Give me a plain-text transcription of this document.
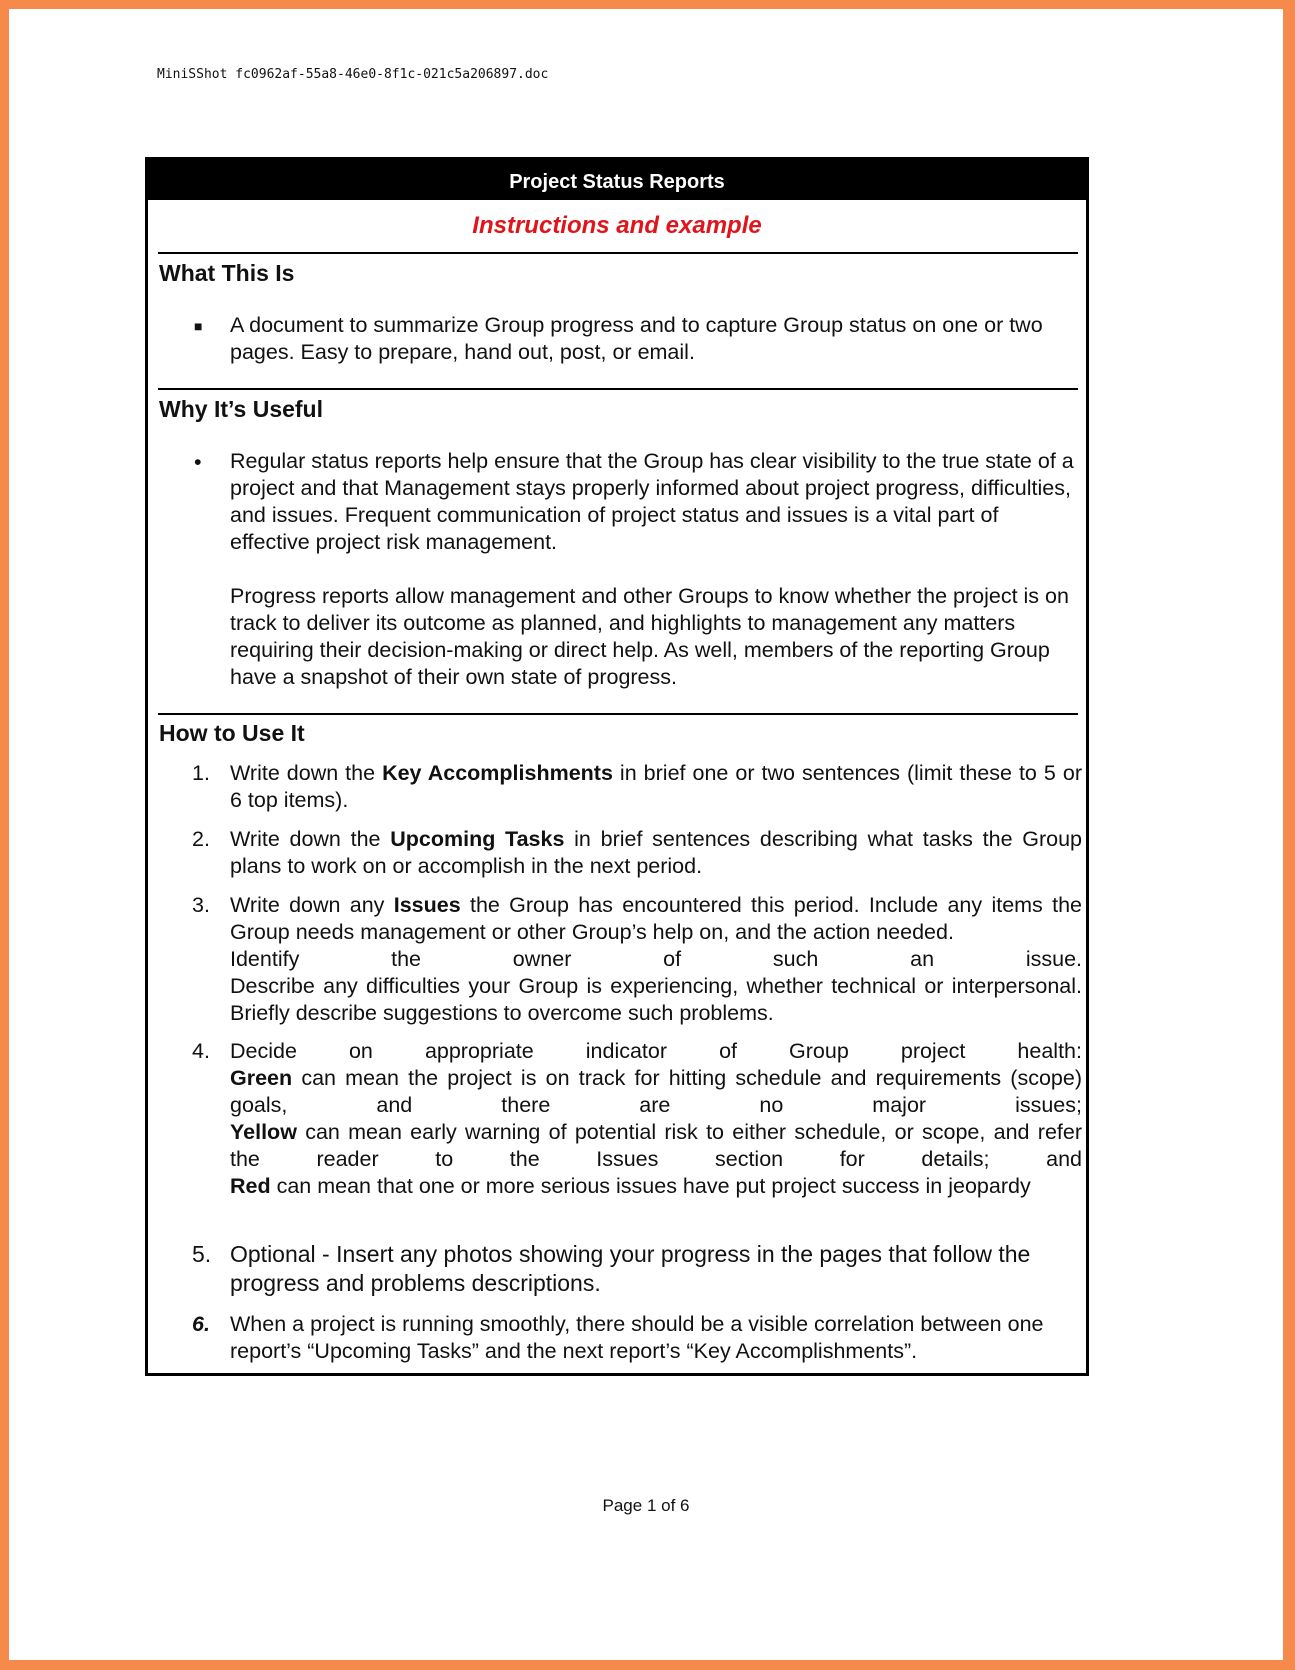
MiniSShot fc0962af-55a8-46e0-8f1c-021c5a206897.doc
Project Status Reports
Instructions and example
What This Is
■ A document to summarize Group progress and to capture Group status on one or two pages. Easy to prepare, hand out, post, or email.
Why It’s Useful
• Regular status reports help ensure that the Group has clear visibility to the true state of a project and that Management stays properly informed about project progress, difficulties, and issues. Frequent communication of project status and issues is a vital part of effective project risk management.
Progress reports allow management and other Groups to know whether the project is on track to deliver its outcome as planned, and highlights to management any matters requiring their decision-making or direct help. As well, members of the reporting Group have a snapshot of their own state of progress.
How to Use It
1. Write down the Key Accomplishments in brief one or two sentences (limit these to 5 or 6 top items).
2. Write down the Upcoming Tasks in brief sentences describing what tasks the Group plans to work on or accomplish in the next period.
3. Write down any Issues the Group has encountered this period. Include any items the Group needs management or other Group’s help on, and the action needed.
Identify the owner of such an issue.
Describe any difficulties your Group is experiencing, whether technical or interpersonal. Briefly describe suggestions to overcome such problems.
4. Decide on appropriate indicator of Group project health:
Green can mean the project is on track for hitting schedule and requirements (scope) goals, and there are no major issues;
Yellow can mean early warning of potential risk to either schedule, or scope, and refer the reader to the Issues section for details; and
Red can mean that one or more serious issues have put project success in jeopardy
5. Optional - Insert any photos showing your progress in the pages that follow the progress and problems descriptions.
6. When a project is running smoothly, there should be a visible correlation between one report’s “Upcoming Tasks” and the next report’s “Key Accomplishments”.
Page 1 of 6
